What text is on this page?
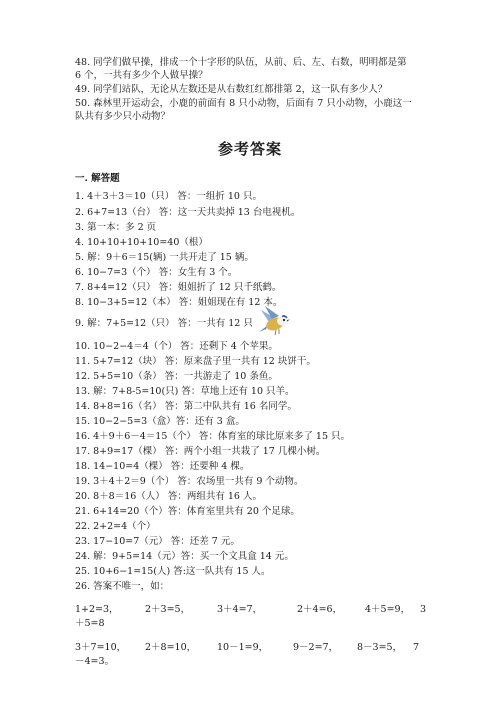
48. 同学们做早操，排成一个十字形的队伍，从前、后、左、右数，明明都是第
6 个，一共有多少个人做早操？
49. 同学们站队，无论从左数还是从右数红红都排第 2，这一队有多少人？
50. 森林里开运动会，小鹿的前面有 8 只小动物，后面有 7 只小动物，小鹿这一
队共有多少只小动物？
参考答案
一. 解答题
1. 4＋3＋3＝10（只） 答：一组折 10 只。
2. 6+7=13（台） 答：这一天共卖掉 13 台电视机。
3. 第一本：多 2 页
4. 10+10+10+10=40（根）
5. 解：9＋6＝15(辆) 一共开走了 15 辆。
6. 10−7=3（个） 答：女生有 3 个。
7. 8+4=12（只） 答：姐姐折了 12 只千纸鹤。
8. 10−3+5=12（本） 答：姐姐现在有 12 本。
9. 解：7+5=12（只） 答：一共有 12 只
10. 10−2−4＝4（个） 答：还剩下 4 个苹果。
11. 5+7=12（块） 答：原来盘子里一共有 12 块饼干。
12. 5+5=10（条） 答：一共游走了 10 条鱼。
13. 解：7+8-5=10(只) 答：草地上还有 10 只羊。
14. 8+8=16（名） 答：第二中队共有 16 名同学。
15. 10−2−5=3（盒）答：还有 3 盒。
16. 4＋9＋6－4＝15（个） 答：体育室的球比原来多了 15 只。
17. 8+9=17（棵） 答：两个小组一共栽了 17 几棵小树。
18. 14−10=4（棵） 答：还要种 4 棵。
19. 3＋4＋2＝9（个） 答：农场里一共有 9 个动物。
20. 8＋8＝16（人） 答：两组共有 16 人。
21. 6+14=20（个）答：体育室里共有 20 个足球。
22. 2+2=4（个）
23. 17−10=7（元） 答：还差 7 元。
24. 解：9+5=14（元）答：买一个文具盒 14 元。
25. 10+6−1=15(人) 答:这一队共有 15 人。
26. 答案不唯一，如：
1+2=3，	2＋3=5，	3＋4=7，	2＋4=6， 4＋5=9， 3
＋5=8
3＋7=10， 2＋8=10， 10－1=9，	9－2=7， 8－3=5， 7
－4=3。
